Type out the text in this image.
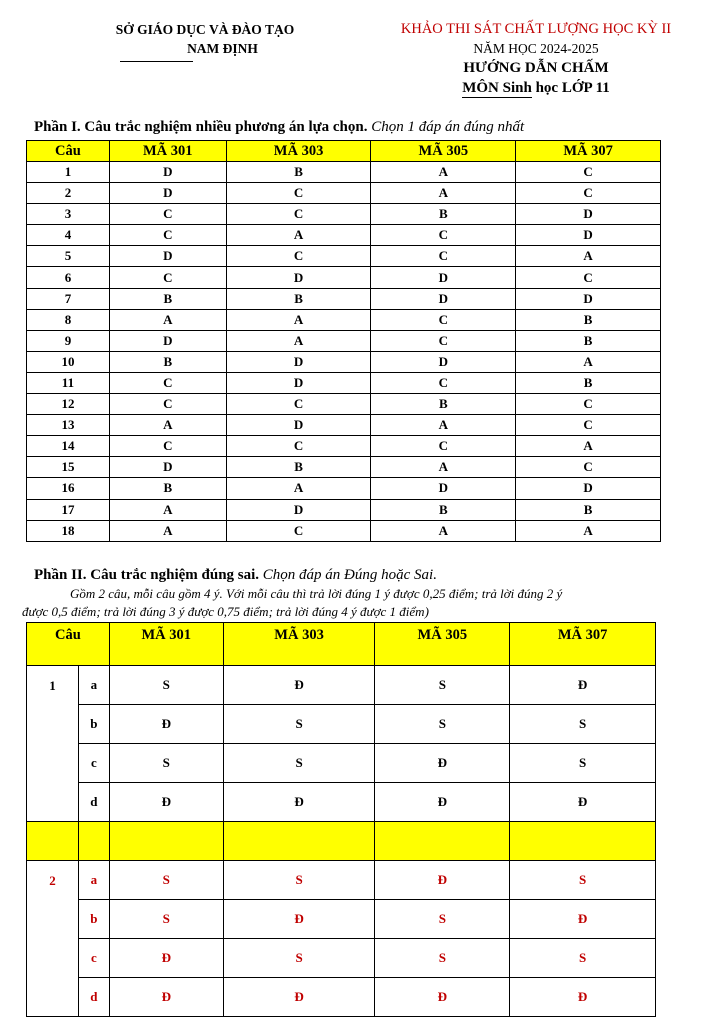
SỞ GIÁO DỤC VÀ ĐÀO TẠO
NAM ĐỊNH
KHẢO THI SÁT CHẤT LƯỢNG HỌC KỲ II
NĂM HỌC 2024-2025
HƯỚNG DẪN CHẤM
MÔN Sinh học LỚP 11
Phần I. Câu trắc nghiệm nhiều phương án lựa chọn. Chọn 1 đáp án đúng nhất
Câu	MÃ 301	MÃ 303	MÃ 305	MÃ 307
1	D	B	A	C
2	D	C	A	C
3	C	C	B	D
4	C	A	C	D
5	D	C	C	A
6	C	D	D	C
7	B	B	D	D
8	A	A	C	B
9	D	A	C	B
10	B	D	D	A
11	C	D	C	B
12	C	C	B	C
13	A	D	A	C
14	C	C	C	A
15	D	B	A	C
16	B	A	D	D
17	A	D	B	B
18	A	C	A	A
Phần II. Câu trắc nghiệm đúng sai. Chọn đáp án Đúng hoặc Sai.
Gồm 2 câu, mỗi câu gồm 4 ý. Với mỗi câu thì trả lời đúng 1 ý được 0,25 điểm; trả lời đúng 2 ý
được 0,5 điểm; trả lời đúng 3 ý được 0,75 điểm; trả lời đúng 4 ý được 1 điểm)
Câu		MÃ 301	MÃ 303	MÃ 305	MÃ 307
1	a	S	Đ	S	Đ
	b	Đ	S	S	S
	c	S	S	Đ	S
	d	Đ	Đ	Đ	Đ

2	a	S	S	Đ	S
	b	S	Đ	S	Đ
	c	Đ	S	S	S
	d	Đ	Đ	Đ	Đ
